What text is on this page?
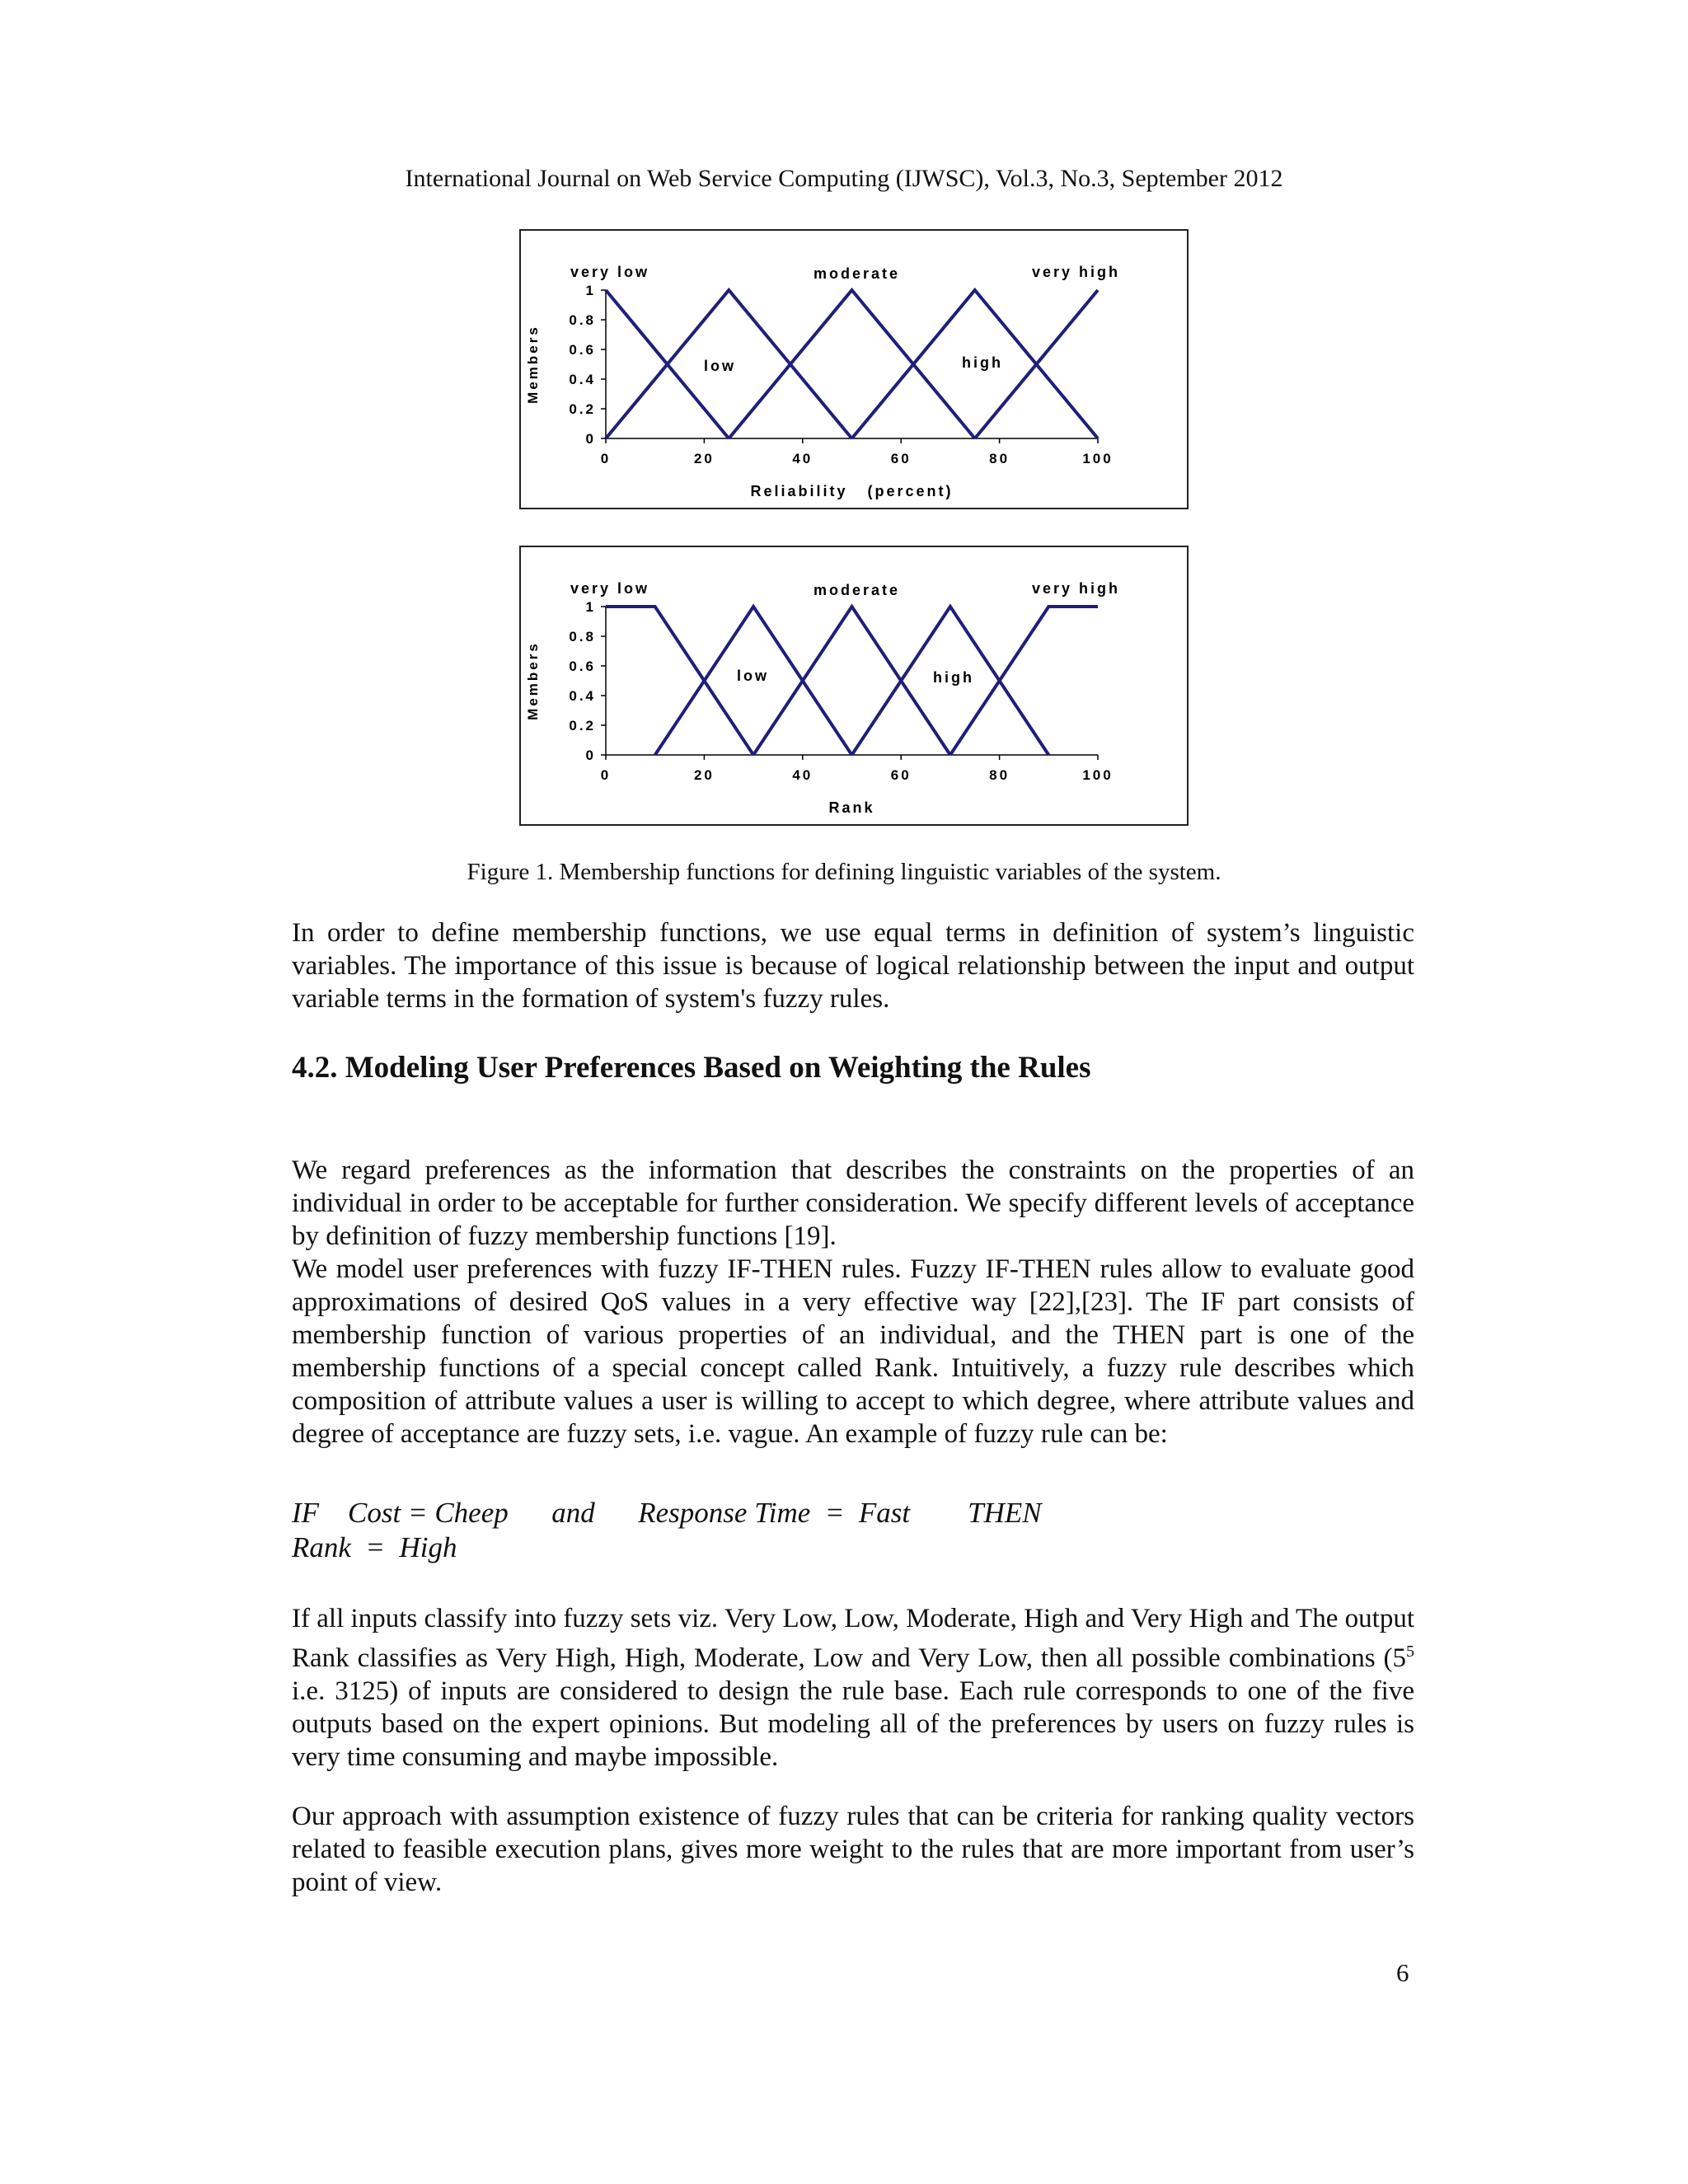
International Journal on Web Service Computing (IJWSC), Vol.3, No.3, September 2012
0
0.2
0.4
0.6
0.8
1
0	20	40	60	80	100
very low
low
moderate
high
very high
Reliability   (percent)
Members
0
0.2
0.4
0.6
0.8
1
0	20	40	60	80	100
very low
low
moderate
high
very high
Rank
Members
Figure 1. Membership functions for defining linguistic variables of the system.

In order to define membership functions, we use equal terms in definition of system’s linguistic variables. The importance of this issue is because of logical relationship between the input and output variable terms in the formation of system's fuzzy rules.

4.2. Modeling User Preferences Based on Weighting the Rules

We regard preferences as the information that describes the constraints on the properties of an individual in order to be acceptable for further consideration. We specify different levels of acceptance by definition of fuzzy membership functions [19].

We model user preferences with fuzzy IF-THEN rules. Fuzzy IF-THEN rules allow to evaluate good approximations of desired QoS values in a very effective way [22],[23]. The IF part consists of membership function of various properties of an individual, and the THEN part is one of the membership functions of a special concept called Rank. Intuitively, a fuzzy rule describes which composition of attribute values a user is willing to accept to which degree, where attribute values and degree of acceptance are fuzzy sets, i.e. vague. An example of fuzzy rule can be:

IF    Cost = Cheep      and      Response Time  =  Fast        THEN

Rank  =  High

If all inputs classify into fuzzy sets viz. Very Low, Low, Moderate, High and Very High and The output Rank classifies as Very High, High, Moderate, Low and Very Low, then all possible combinations ($5^5$ i.e. 3125) of inputs are considered to design the rule base. Each rule corresponds to one of the five outputs based on the expert opinions. But modeling all of the preferences by users on fuzzy rules is very time consuming and maybe impossible.

Our approach with assumption existence of fuzzy rules that can be criteria for ranking quality vectors related to feasible execution plans, gives more weight to the rules that are more important from user’s point of view.

6
